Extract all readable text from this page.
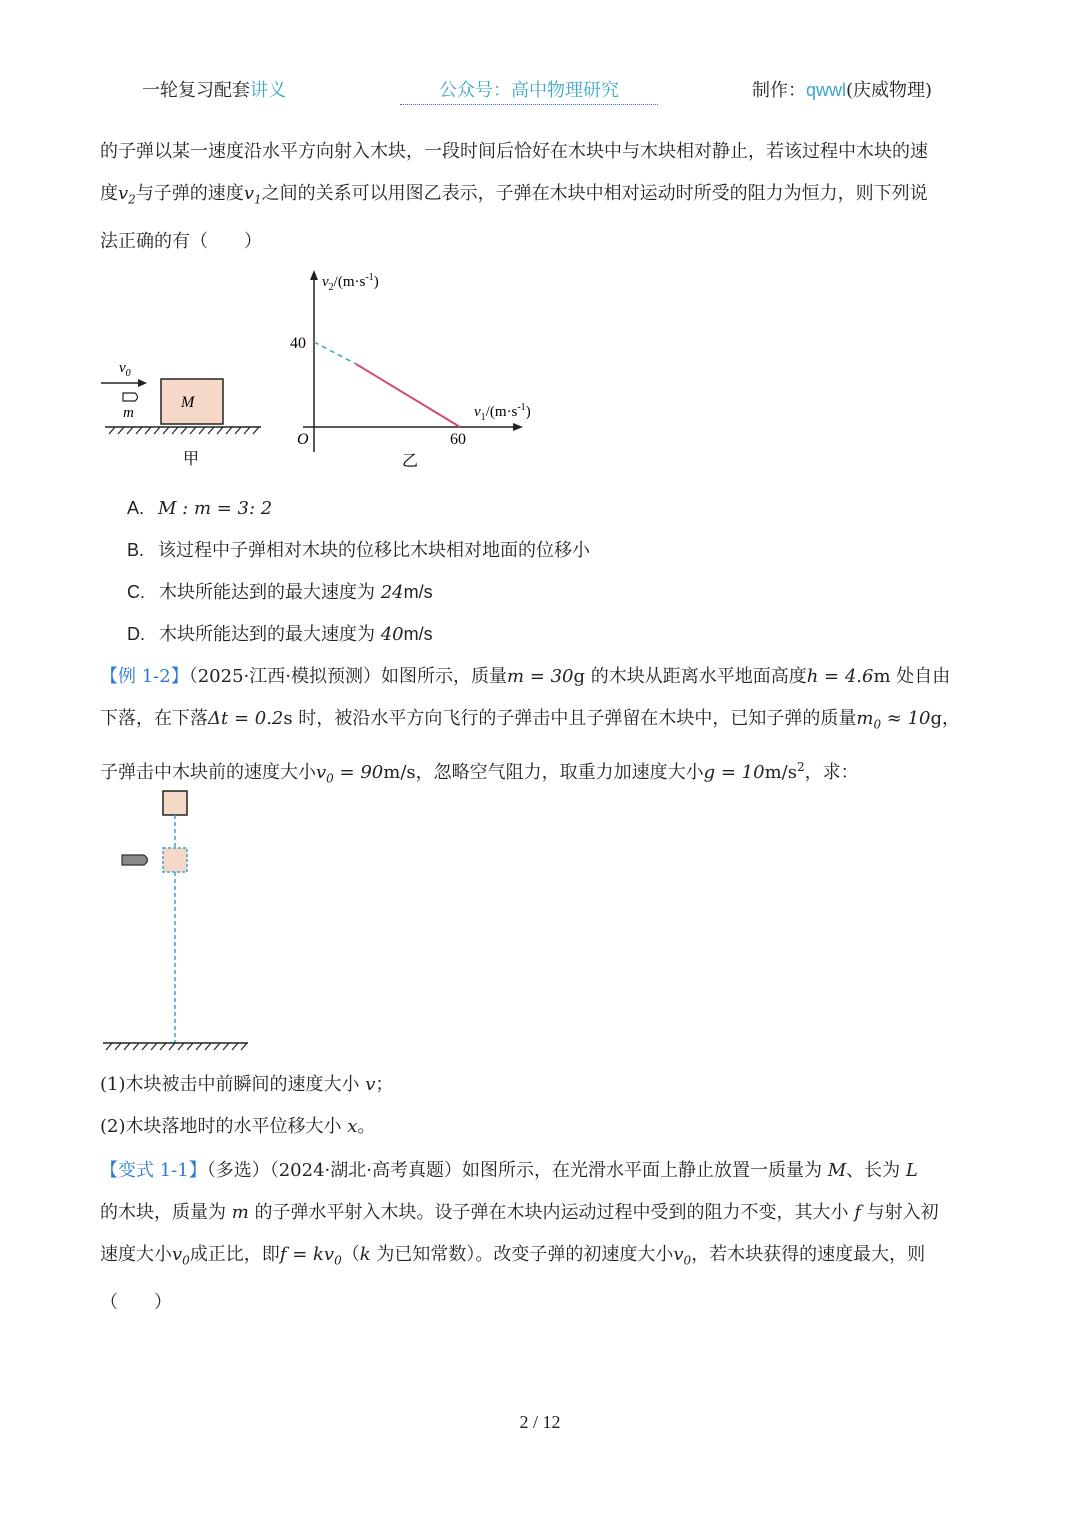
一轮复习配套讲义	公众号：高中物理研究	制作：qwwl(庆威物理)
的子弹以某一速度沿水平方向射入木块，一段时间后恰好在木块中与木块相对静止，若该过程中木块的速
度$v_2$与子弹的速度$v_1$之间的关系可以用图乙表示，子弹在木块中相对运动时所受的阻力为恒力，则下列说
法正确的有（　　）
$v_0$
m
M
甲
$v_2/(m\cdot s^{-1})$
$v_1/(m\cdot s^{-1})$
40
60
O
乙
A. M : m = 3: 2
B. 该过程中子弹相对木块的位移比木块相对地面的位移小
C. 木块所能达到的最大速度为 24m/s
D. 木块所能达到的最大速度为 40m/s
【例 1-2】（2025·江西·模拟预测）如图所示，质量m = 30g 的木块从距离水平地面高度h = 4.6m 处自由
下落，在下落Δt = 0.2s 时，被沿水平方向飞行的子弹击中且子弹留在木块中，已知子弹的质量$m_0 \approx 10g$，
子弹击中木块前的速度大小$v_0 = 90m/s$，忽略空气阻力，取重力加速度大小$g = 10m/s^2$，求：
(1)木块被击中前瞬间的速度大小 v；
(2)木块落地时的水平位移大小 x。
【变式 1-1】（多选）（2024·湖北·高考真题）如图所示，在光滑水平面上静止放置一质量为 M、长为 L
的木块，质量为 m 的子弹水平射入木块。设子弹在木块内运动过程中受到的阻力不变，其大小 f 与射入初
速度大小$v_0$成正比，即$f = kv_0(k$ 为已知常数）。改变子弹的初速度大小$v_0$，若木块获得的速度最大，则
（　　）
2 / 12
